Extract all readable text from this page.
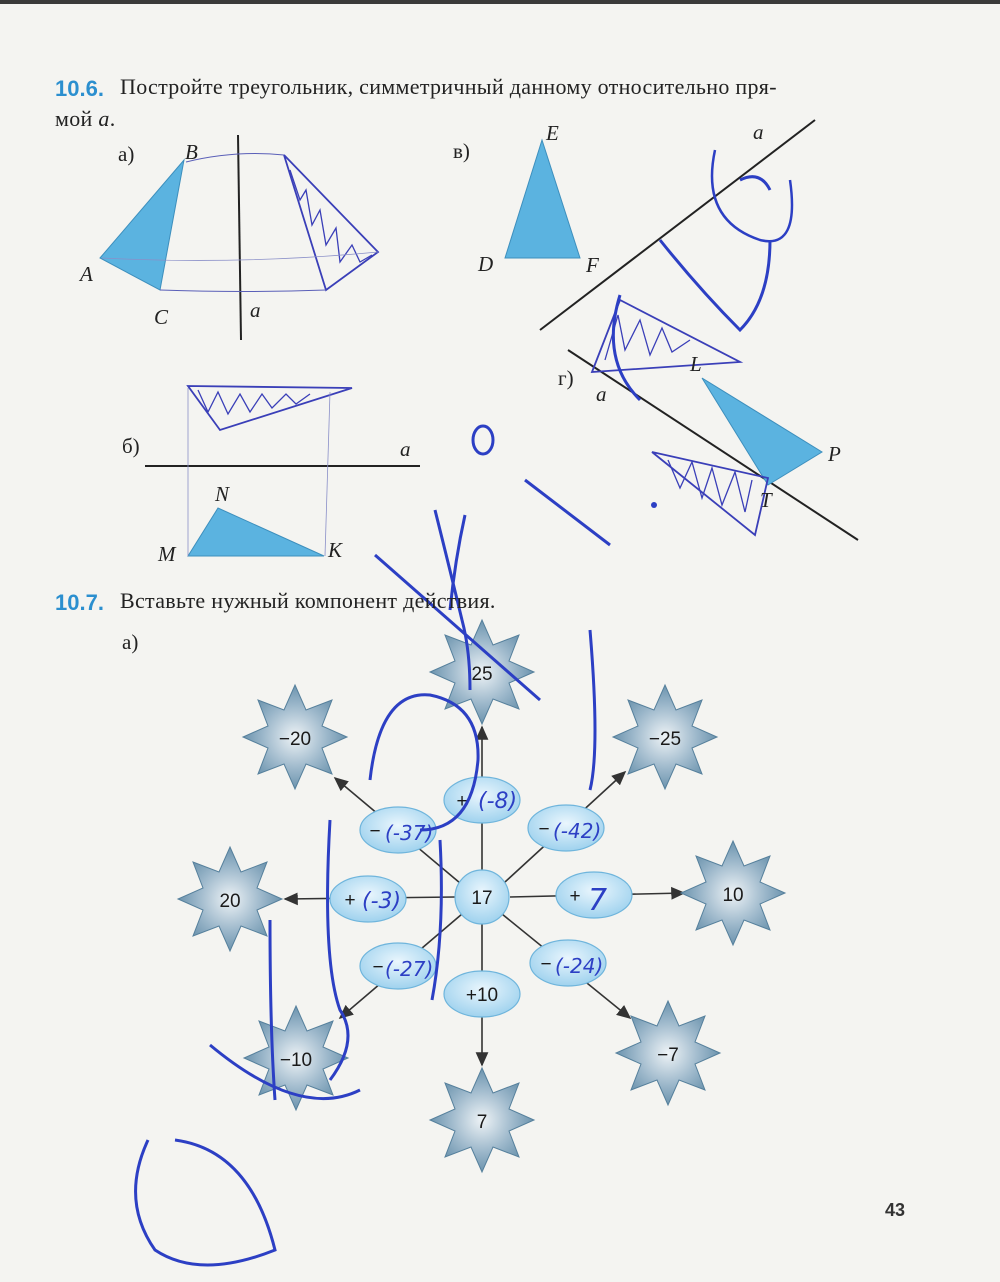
10.6. Постройте треугольник, симметричный данному относительно пря-
мой a.
25
−20	−25
20	10
−10	−7
7
17
+
−	−
+	+
−	−
+10
(-8)
(-37)	(-42)
(-3)	7
(-27)	(-24)
а) B
A
C	a
б)	a
N
M	K
в)
E
D	F
a
г)
a
L
P
T
10.7. Вставьте нужный компонент действия.
а)
43
